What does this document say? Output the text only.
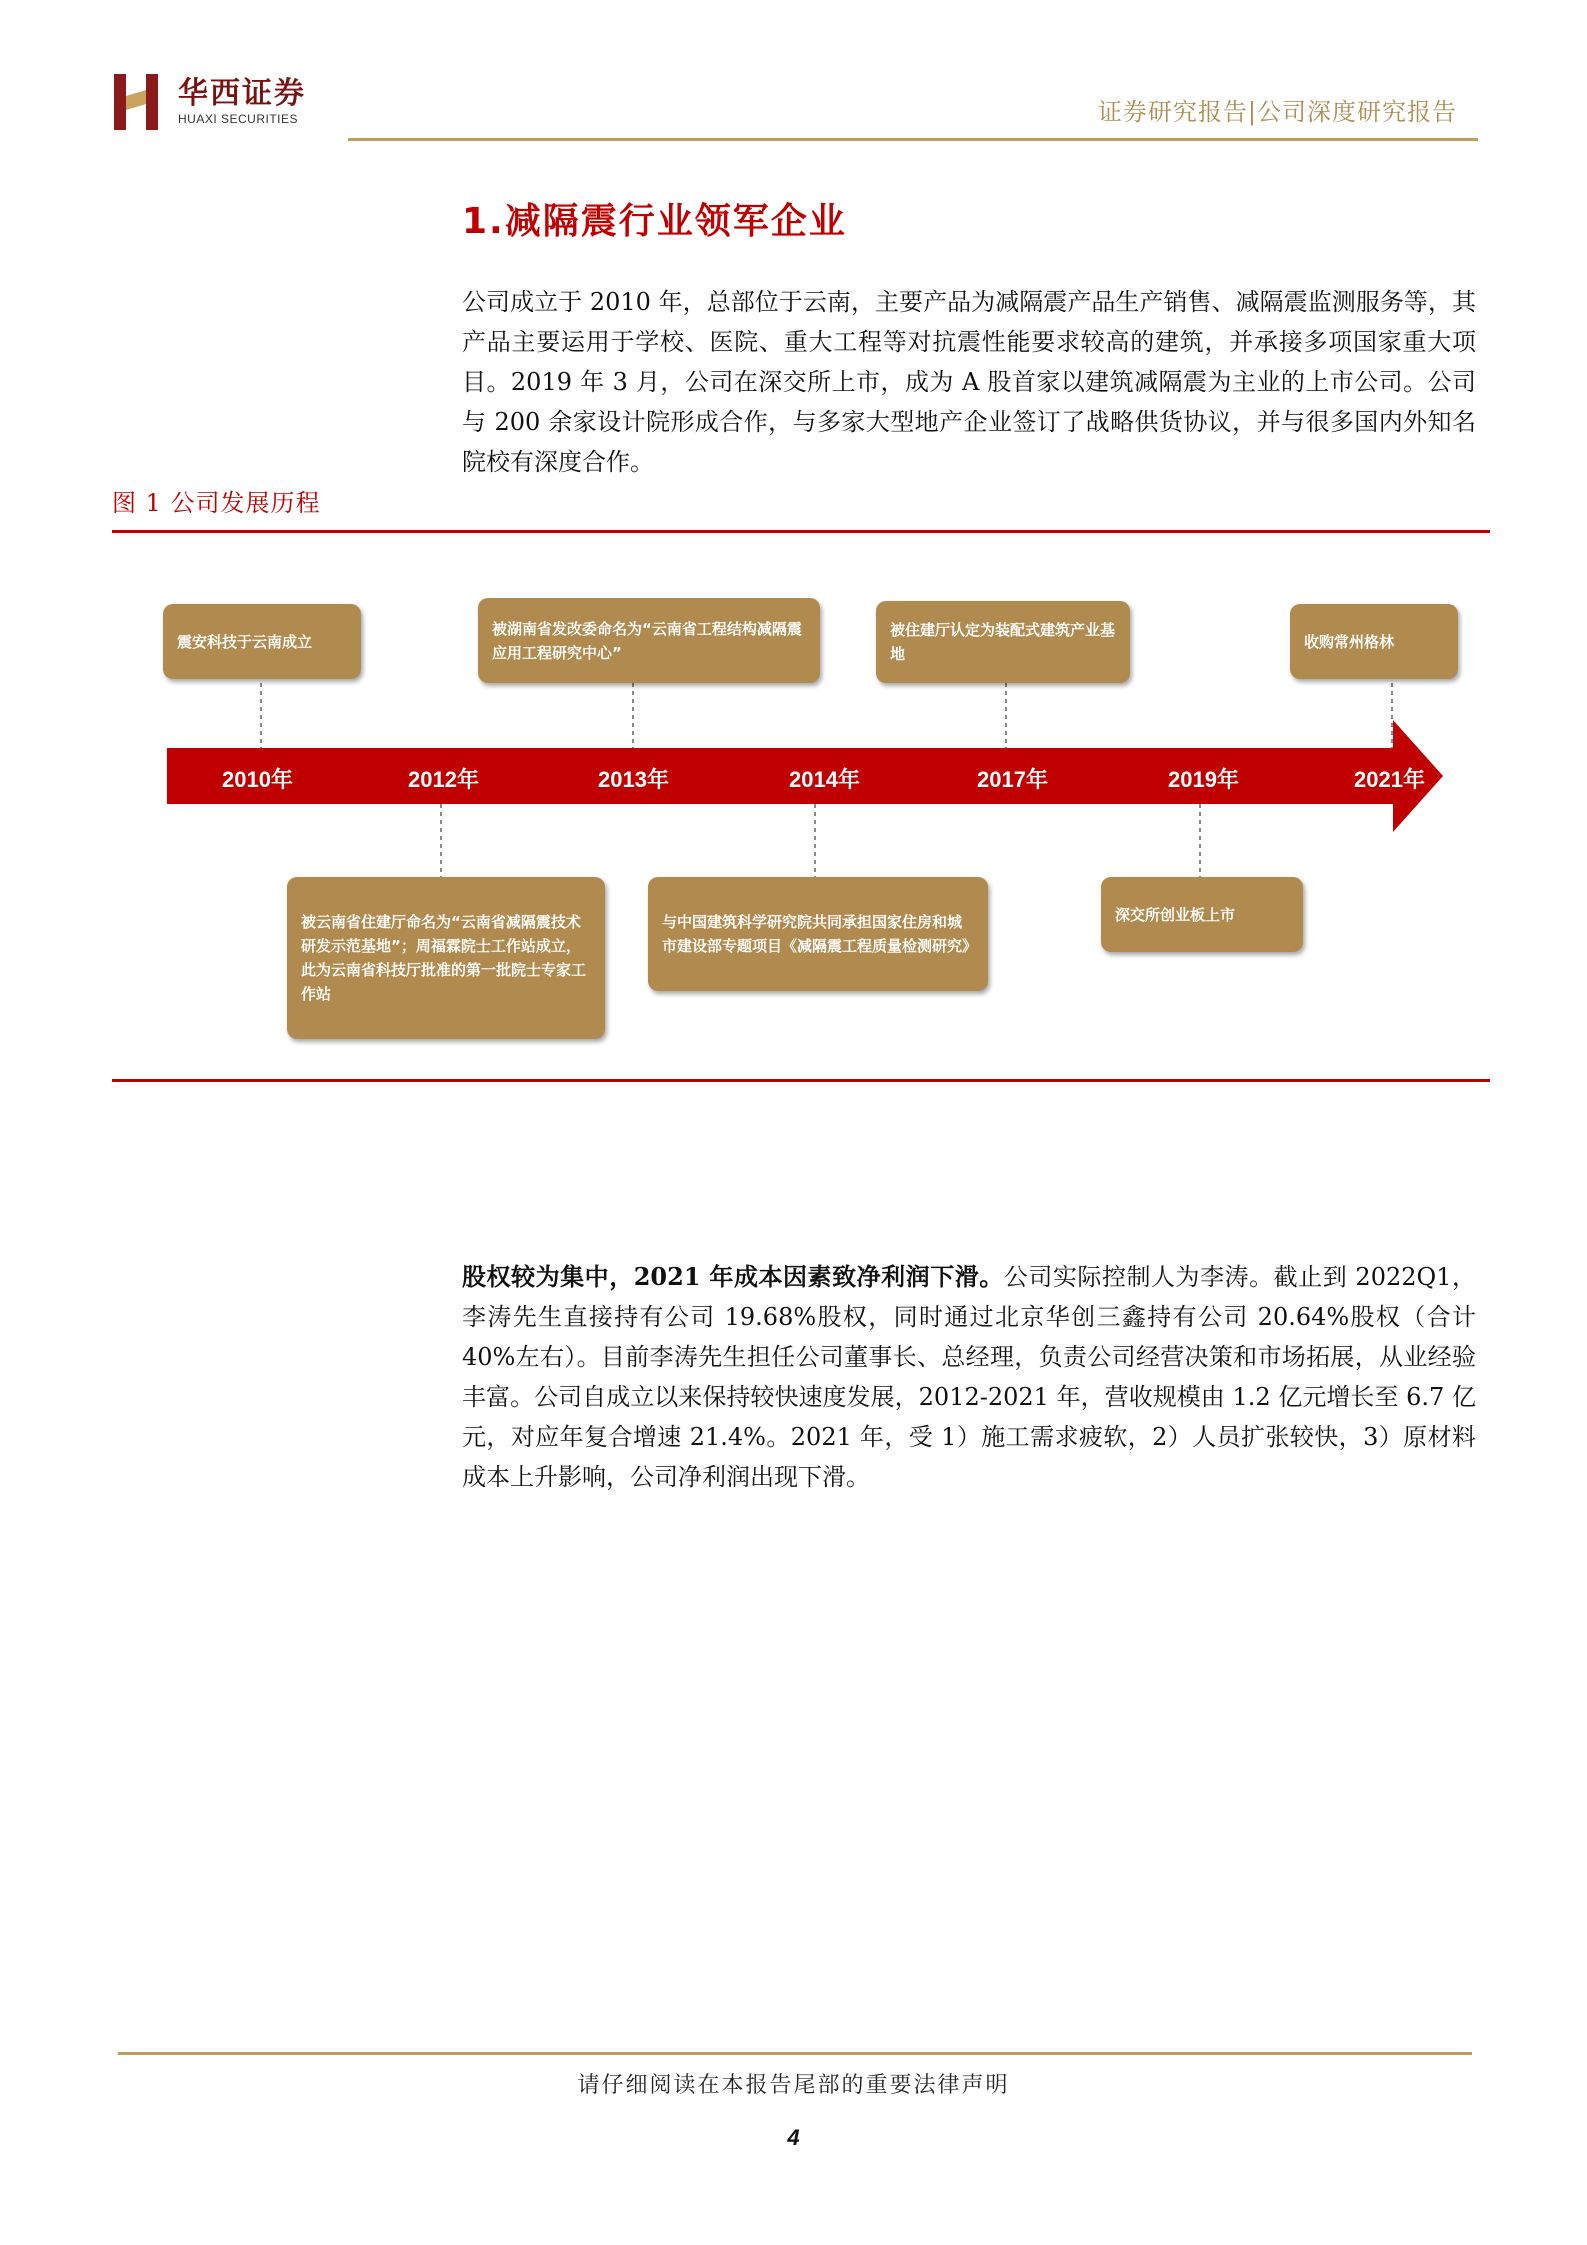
华西证券
HUAXI SECURITIES	证券研究报告|公司深度研究报告
1.减隔震行业领军企业
公司成立于 2010 年，总部位于云南，主要产品为减隔震产品生产销售、减隔震监测服务等，其产品主要运用于学校、医院、重大工程等对抗震性能要求较高的建筑，并承接多项国家重大项目。2019 年 3 月，公司在深交所上市，成为 A 股首家以建筑减隔震为主业的上市公司。公司与 200 余家设计院形成合作，与多家大型地产企业签订了战略供货协议，并与很多国内外知名院校有深度合作。
图 1 公司发展历程
2010年	2012年	2013年	2014年	2017年	2019年	2021年
震安科技于云南成立
被湖南省发改委命名为“云南省工程结构减隔震应用工程研究中心”
被住建厅认定为装配式建筑产业基地
收购常州格林
被云南省住建厅命名为“云南省减隔震技术研发示范基地”；周福霖院士工作站成立，此为云南省科技厅批准的第一批院士专家工作站
与中国建筑科学研究院共同承担国家住房和城市建设部专题项目《减隔震工程质量检测研究》
深交所创业板上市
股权较为集中，2021 年成本因素致净利润下滑。公司实际控制人为李涛。截止到 2022Q1，李涛先生直接持有公司 19.68%股权，同时通过北京华创三鑫持有公司 20.64%股权（合计 40%左右）。目前李涛先生担任公司董事长、总经理，负责公司经营决策和市场拓展，从业经验丰富。公司自成立以来保持较快速度发展，2012-2021 年，营收规模由 1.2 亿元增长至 6.7 亿元，对应年复合增速 21.4%。2021 年，受 1）施工需求疲软，2）人员扩张较快，3）原材料成本上升影响，公司净利润出现下滑。
请仔细阅读在本报告尾部的重要法律声明
4
